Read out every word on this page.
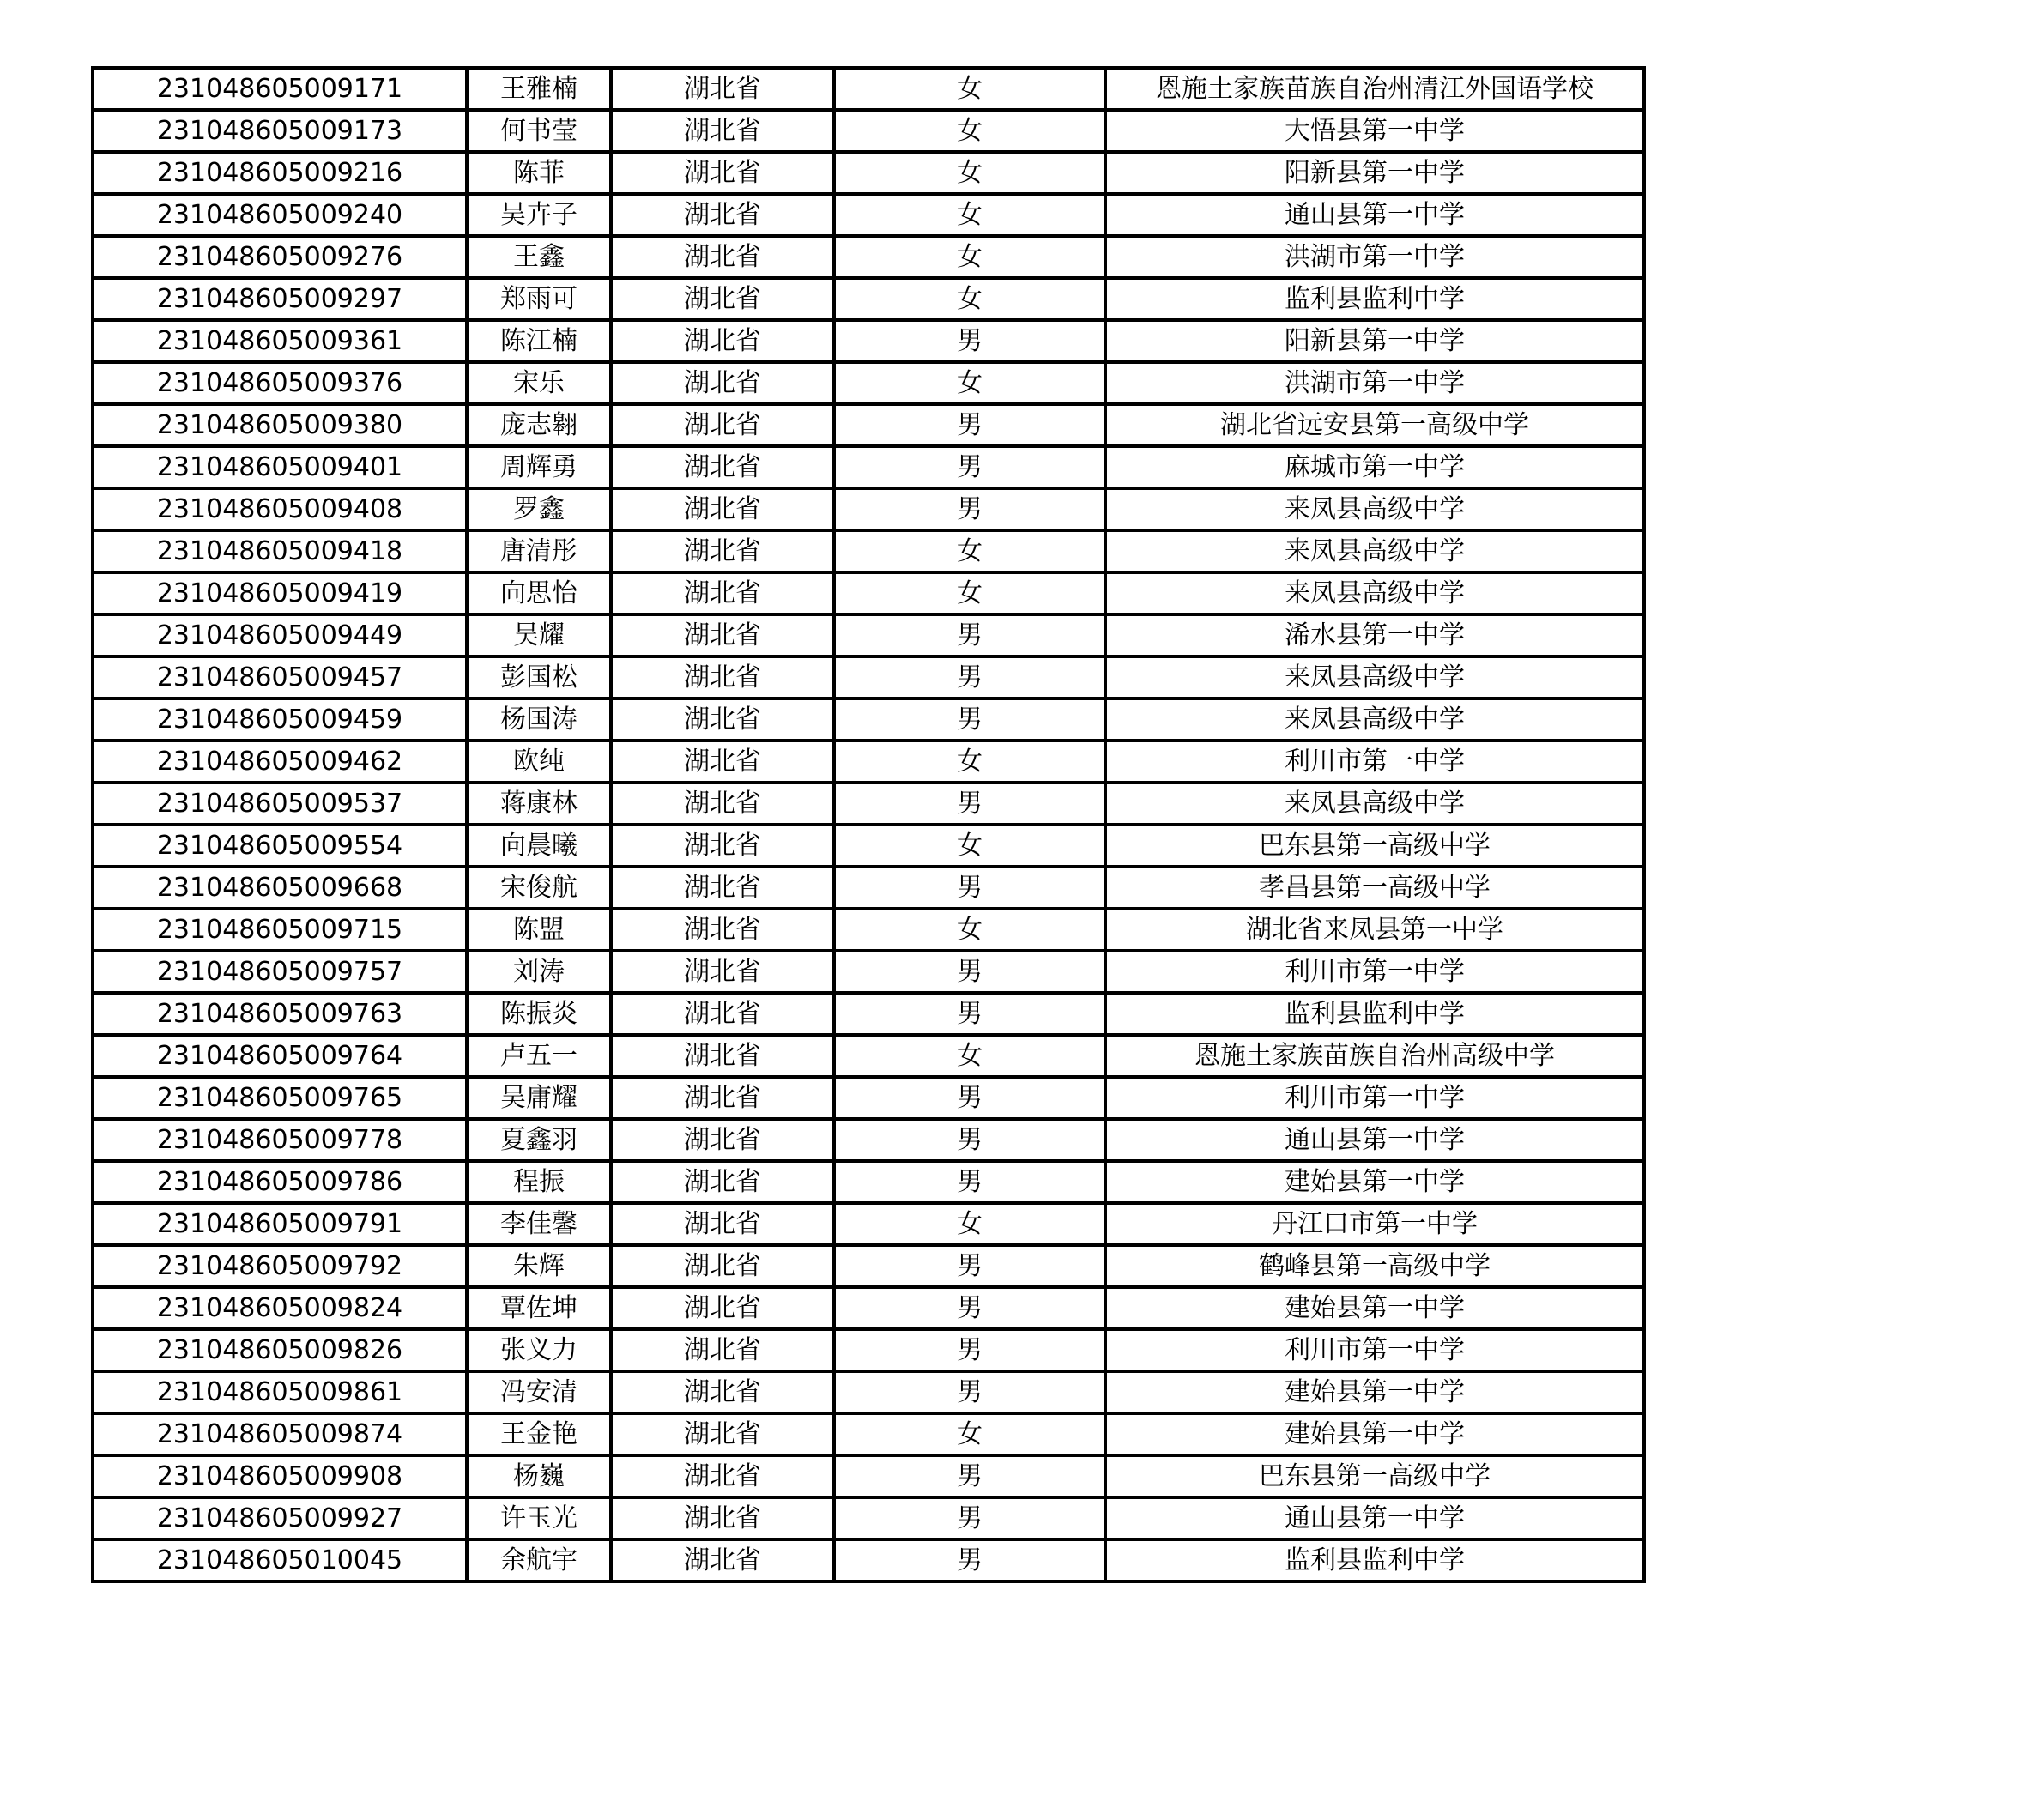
231048605009171	王雅楠	湖北省	女	恩施土家族苗族自治州清江外国语学校
231048605009173	何书莹	湖北省	女	大悟县第一中学
231048605009216	陈菲	湖北省	女	阳新县第一中学
231048605009240	吴卉子	湖北省	女	通山县第一中学
231048605009276	王鑫	湖北省	女	洪湖市第一中学
231048605009297	郑雨可	湖北省	女	监利县监利中学
231048605009361	陈江楠	湖北省	男	阳新县第一中学
231048605009376	宋乐	湖北省	女	洪湖市第一中学
231048605009380	庞志翱	湖北省	男	湖北省远安县第一高级中学
231048605009401	周辉勇	湖北省	男	麻城市第一中学
231048605009408	罗鑫	湖北省	男	来凤县高级中学
231048605009418	唐清彤	湖北省	女	来凤县高级中学
231048605009419	向思怡	湖北省	女	来凤县高级中学
231048605009449	吴耀	湖北省	男	浠水县第一中学
231048605009457	彭国松	湖北省	男	来凤县高级中学
231048605009459	杨国涛	湖北省	男	来凤县高级中学
231048605009462	欧纯	湖北省	女	利川市第一中学
231048605009537	蒋康林	湖北省	男	来凤县高级中学
231048605009554	向晨曦	湖北省	女	巴东县第一高级中学
231048605009668	宋俊航	湖北省	男	孝昌县第一高级中学
231048605009715	陈盟	湖北省	女	湖北省来凤县第一中学
231048605009757	刘涛	湖北省	男	利川市第一中学
231048605009763	陈振炎	湖北省	男	监利县监利中学
231048605009764	卢五一	湖北省	女	恩施土家族苗族自治州高级中学
231048605009765	吴庸耀	湖北省	男	利川市第一中学
231048605009778	夏鑫羽	湖北省	男	通山县第一中学
231048605009786	程振	湖北省	男	建始县第一中学
231048605009791	李佳馨	湖北省	女	丹江口市第一中学
231048605009792	朱辉	湖北省	男	鹤峰县第一高级中学
231048605009824	覃佐坤	湖北省	男	建始县第一中学
231048605009826	张义力	湖北省	男	利川市第一中学
231048605009861	冯安清	湖北省	男	建始县第一中学
231048605009874	王金艳	湖北省	女	建始县第一中学
231048605009908	杨巍	湖北省	男	巴东县第一高级中学
231048605009927	许玉光	湖北省	男	通山县第一中学
231048605010045	余航宇	湖北省	男	监利县监利中学
